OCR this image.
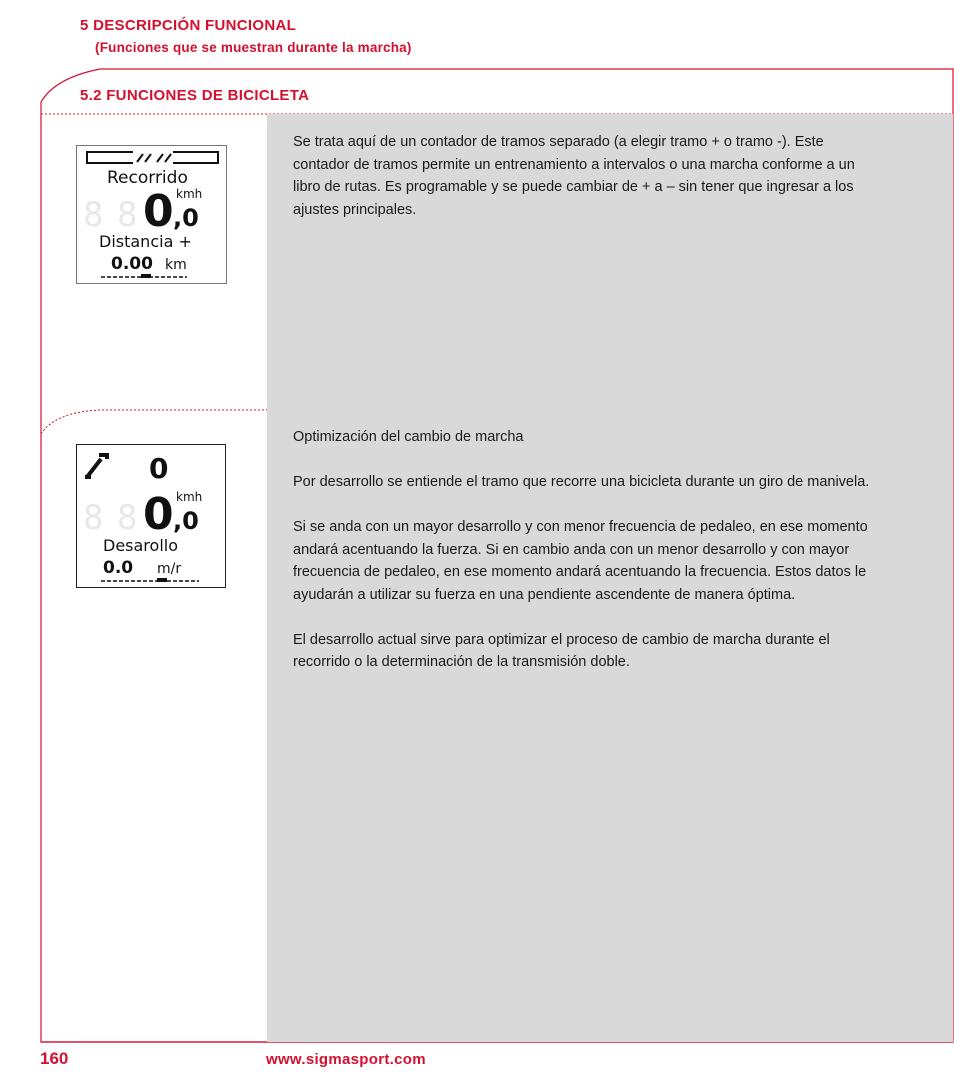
5 DESCRIPCIÓN FUNCIONAL
(Funciones que se muestran durante la marcha)
5.2 FUNCIONES DE BICICLETA
Recorrido
8 8 0 ,0
kmh
Distancia +
0.00 km
0
8 8 0 ,0
kmh
Desarollo
0.0 m/r

Se trata aquí de un contador de tramos separado (a elegir tramo + o tramo -). Este contador de tramos permite un entrenamiento a intervalos o una marcha conforme a un libro de rutas. Es programable y se puede cambiar de + a – sin tener que ingresar a los ajustes principales.

Optimización del cambio de marcha

Por desarrollo se entiende el tramo que recorre una bicicleta durante un giro de manivela.

Si se anda con un mayor desarrollo y con menor frecuencia de pedaleo, en ese momento andará acentuando la fuerza. Si en cambio anda con un menor desarrollo y con mayor frecuencia de pedaleo, en ese momento andará acentuando la frecuencia. Estos datos le ayudarán a utilizar su fuerza en una pendiente ascendente de manera óptima.

El desarrollo actual sirve para optimizar el proceso de cambio de marcha durante el recorrido o la determinación de la transmisión doble.

160	www.sigmasport.com
